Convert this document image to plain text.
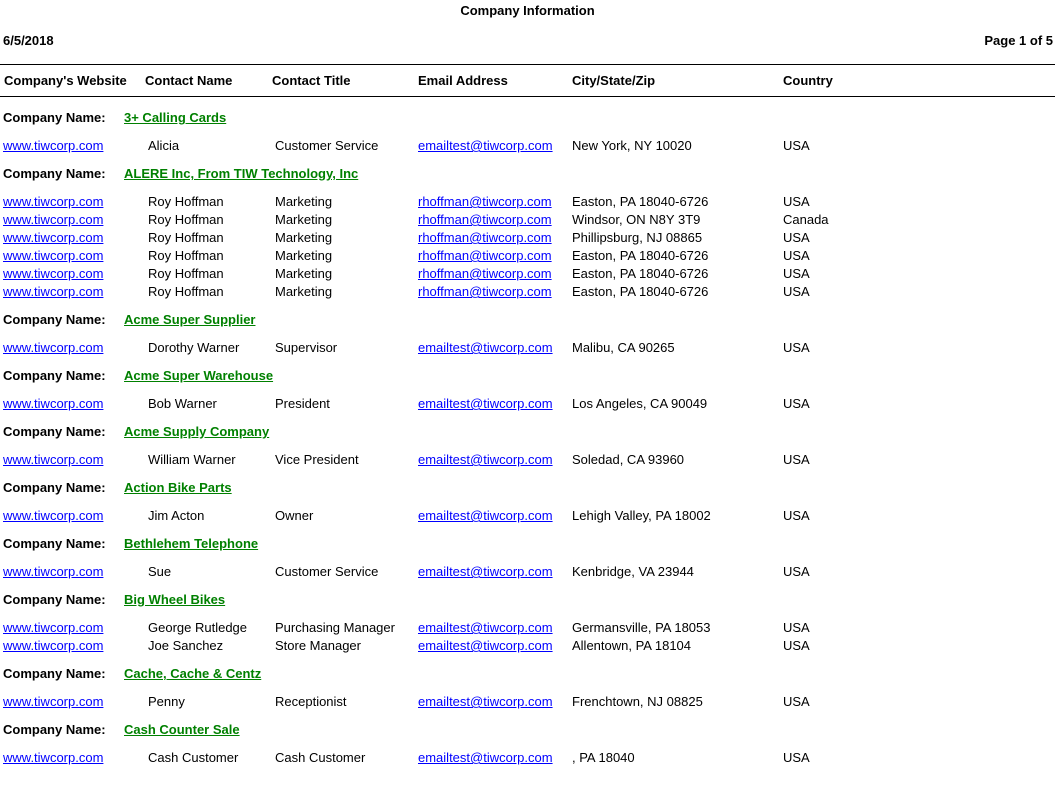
Company Information
6/5/2018	Page 1 of 5
Company's Website	Contact Name	Contact Title	Email Address	City/State/Zip	Country
Company Name:	3+ Calling Cards
www.tiwcorp.com	Alicia	Customer Service	emailtest@tiwcorp.com	New York, NY 10020	USA
Company Name:	ALERE Inc, From TIW Technology, Inc
www.tiwcorp.com	Roy Hoffman	Marketing	rhoffman@tiwcorp.com	Easton, PA 18040-6726	USA
www.tiwcorp.com	Roy Hoffman	Marketing	rhoffman@tiwcorp.com	Windsor, ON N8Y 3T9	Canada
www.tiwcorp.com	Roy Hoffman	Marketing	rhoffman@tiwcorp.com	Phillipsburg, NJ 08865	USA
www.tiwcorp.com	Roy Hoffman	Marketing	rhoffman@tiwcorp.com	Easton, PA 18040-6726	USA
www.tiwcorp.com	Roy Hoffman	Marketing	rhoffman@tiwcorp.com	Easton, PA 18040-6726	USA
www.tiwcorp.com	Roy Hoffman	Marketing	rhoffman@tiwcorp.com	Easton, PA 18040-6726	USA
Company Name:	Acme Super Supplier
www.tiwcorp.com	Dorothy Warner	Supervisor	emailtest@tiwcorp.com	Malibu, CA 90265	USA
Company Name:	Acme Super Warehouse
www.tiwcorp.com	Bob Warner	President	emailtest@tiwcorp.com	Los Angeles, CA 90049	USA
Company Name:	Acme Supply Company
www.tiwcorp.com	William Warner	Vice President	emailtest@tiwcorp.com	Soledad, CA 93960	USA
Company Name:	Action Bike Parts
www.tiwcorp.com	Jim Acton	Owner	emailtest@tiwcorp.com	Lehigh Valley, PA 18002	USA
Company Name:	Bethlehem Telephone
www.tiwcorp.com	Sue	Customer Service	emailtest@tiwcorp.com	Kenbridge, VA 23944	USA
Company Name:	Big Wheel Bikes
www.tiwcorp.com	George Rutledge	Purchasing Manager	emailtest@tiwcorp.com	Germansville, PA 18053	USA
www.tiwcorp.com	Joe Sanchez	Store Manager	emailtest@tiwcorp.com	Allentown, PA 18104	USA
Company Name:	Cache, Cache & Centz
www.tiwcorp.com	Penny	Receptionist	emailtest@tiwcorp.com	Frenchtown, NJ 08825	USA
Company Name:	Cash Counter Sale
www.tiwcorp.com	Cash Customer	Cash Customer	emailtest@tiwcorp.com	, PA 18040	USA
